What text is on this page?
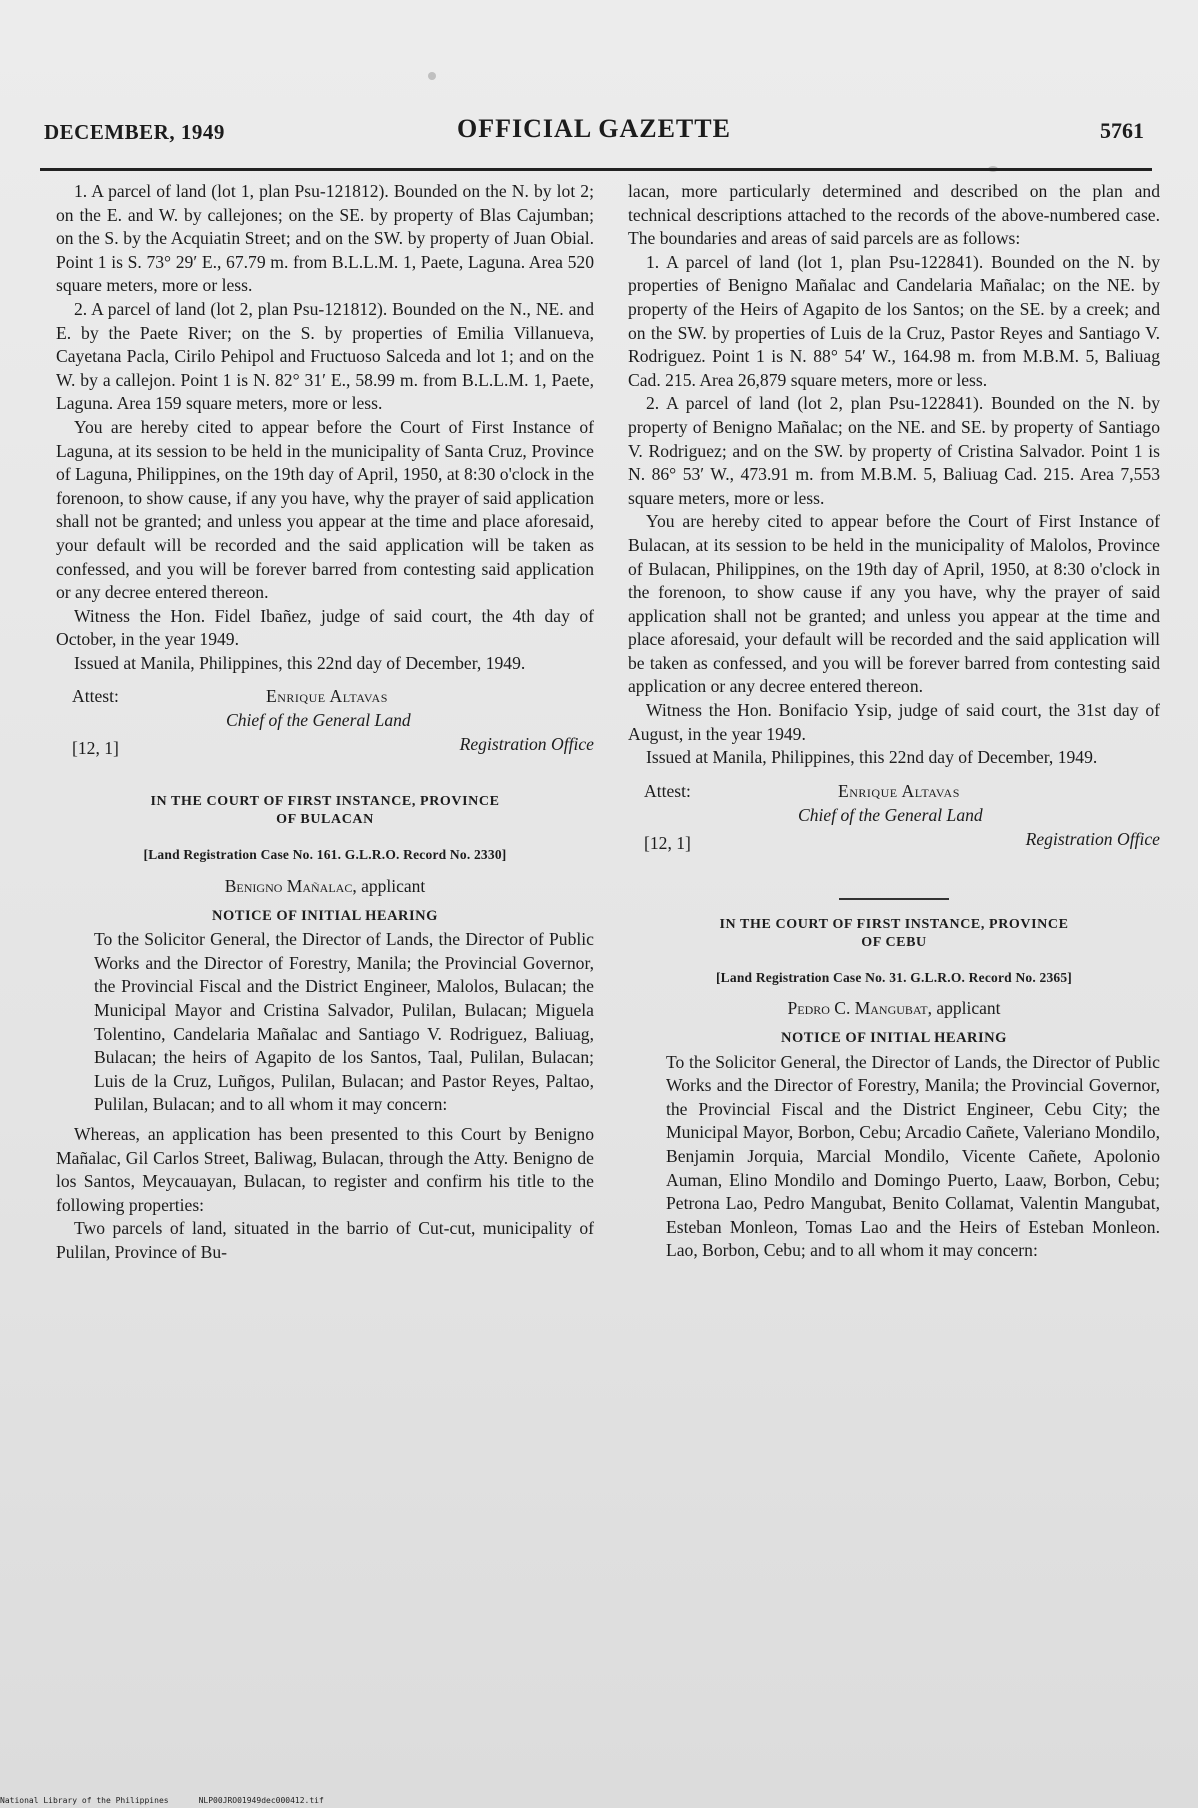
DECEMBER, 1949	OFFICIAL GAZETTE	5761

1. A parcel of land (lot 1, plan Psu-121812). Bounded on the N. by lot 2; on the E. and W. by callejones; on the SE. by property of Blas Cajumban; on the S. by the Acquiatin Street; and on the SW. by property of Juan Obial. Point 1 is S. 73° 29′ E., 67.79 m. from B.L.L.M. 1, Paete, Laguna. Area 520 square meters, more or less.

2. A parcel of land (lot 2, plan Psu-121812). Bounded on the N., NE. and E. by the Paete River; on the S. by properties of Emilia Villanueva, Cayetana Pacla, Cirilo Pehipol and Fructuoso Salceda and lot 1; and on the W. by a callejon. Point 1 is N. 82° 31′ E., 58.99 m. from B.L.L.M. 1, Paete, Laguna. Area 159 square meters, more or less.

You are hereby cited to appear before the Court of First Instance of Laguna, at its session to be held in the municipality of Santa Cruz, Province of Laguna, Philippines, on the 19th day of April, 1950, at 8:30 o'clock in the forenoon, to show cause, if any you have, why the prayer of said application shall not be granted; and unless you appear at the time and place aforesaid, your default will be recorded and the said application will be taken as confessed, and you will be forever barred from contesting said application or any decree entered thereon.

Witness the Hon. Fidel Ibañez, judge of said court, the 4th day of October, in the year 1949.

Issued at Manila, Philippines, this 22nd day of December, 1949.

Attest:	Enrique Altavas
Chief of the General Land
[12, 1]	Registration Office
IN THE COURT OF FIRST INSTANCE, PROVINCE
OF BULACAN
[Land Registration Case No. 161. G.L.R.O. Record No. 2330]
Benigno Mañalac, applicant
NOTICE OF INITIAL HEARING

To the Solicitor General, the Director of Lands, the Director of Public Works and the Director of Forestry, Manila; the Provincial Governor, the Provincial Fiscal and the District Engineer, Malolos, Bulacan; the Municipal Mayor and Cristina Salvador, Pulilan, Bulacan; Miguela Tolentino, Candelaria Mañalac and Santiago V. Rodriguez, Baliuag, Bulacan; the heirs of Agapito de los Santos, Taal, Pulilan, Bulacan; Luis de la Cruz, Luñgos, Pulilan, Bulacan; and Pastor Reyes, Paltao, Pulilan, Bulacan; and to all whom it may concern:

Whereas, an application has been presented to this Court by Benigno Mañalac, Gil Carlos Street, Baliwag, Bulacan, through the Atty. Benigno de los Santos, Meycauayan, Bulacan, to register and confirm his title to the following properties:

Two parcels of land, situated in the barrio of Cut-cut, municipality of Pulilan, Province of Bu-

lacan, more particularly determined and described on the plan and technical descriptions attached to the records of the above-numbered case. The boundaries and areas of said parcels are as follows:

1. A parcel of land (lot 1, plan Psu-122841). Bounded on the N. by properties of Benigno Mañalac and Candelaria Mañalac; on the NE. by property of the Heirs of Agapito de los Santos; on the SE. by a creek; and on the SW. by properties of Luis de la Cruz, Pastor Reyes and Santiago V. Rodriguez. Point 1 is N. 88° 54′ W., 164.98 m. from M.B.M. 5, Baliuag Cad. 215. Area 26,879 square meters, more or less.

2. A parcel of land (lot 2, plan Psu-122841). Bounded on the N. by property of Benigno Mañalac; on the NE. and SE. by property of Santiago V. Rodriguez; and on the SW. by property of Cristina Salvador. Point 1 is N. 86° 53′ W., 473.91 m. from M.B.M. 5, Baliuag Cad. 215. Area 7,553 square meters, more or less.

You are hereby cited to appear before the Court of First Instance of Bulacan, at its session to be held in the municipality of Malolos, Province of Bulacan, Philippines, on the 19th day of April, 1950, at 8:30 o'clock in the forenoon, to show cause if any you have, why the prayer of said application shall not be granted; and unless you appear at the time and place aforesaid, your default will be recorded and the said application will be taken as confessed, and you will be forever barred from contesting said application or any decree entered thereon.

Witness the Hon. Bonifacio Ysip, judge of said court, the 31st day of August, in the year 1949.

Issued at Manila, Philippines, this 22nd day of December, 1949.

Attest:	Enrique Altavas
Chief of the General Land
[12, 1]	Registration Office
IN THE COURT OF FIRST INSTANCE, PROVINCE
OF CEBU
[Land Registration Case No. 31. G.L.R.O. Record No. 2365]
Pedro C. Mangubat, applicant
NOTICE OF INITIAL HEARING

To the Solicitor General, the Director of Lands, the Director of Public Works and the Director of Forestry, Manila; the Provincial Governor, the Provincial Fiscal and the District Engineer, Cebu City; the Municipal Mayor, Borbon, Cebu; Arcadio Cañete, Valeriano Mondilo, Benjamin Jorquia, Marcial Mondilo, Vicente Cañete, Apolonio Auman, Elino Mondilo and Domingo Puerto, Laaw, Borbon, Cebu; Petrona Lao, Pedro Mangubat, Benito Collamat, Valentin Mangubat, Esteban Monleon, Tomas Lao and the Heirs of Esteban Monleon. Lao, Borbon, Cebu; and to all whom it may concern:

National Library of the Philippines	NLP00JRO01949dec000412.tif
